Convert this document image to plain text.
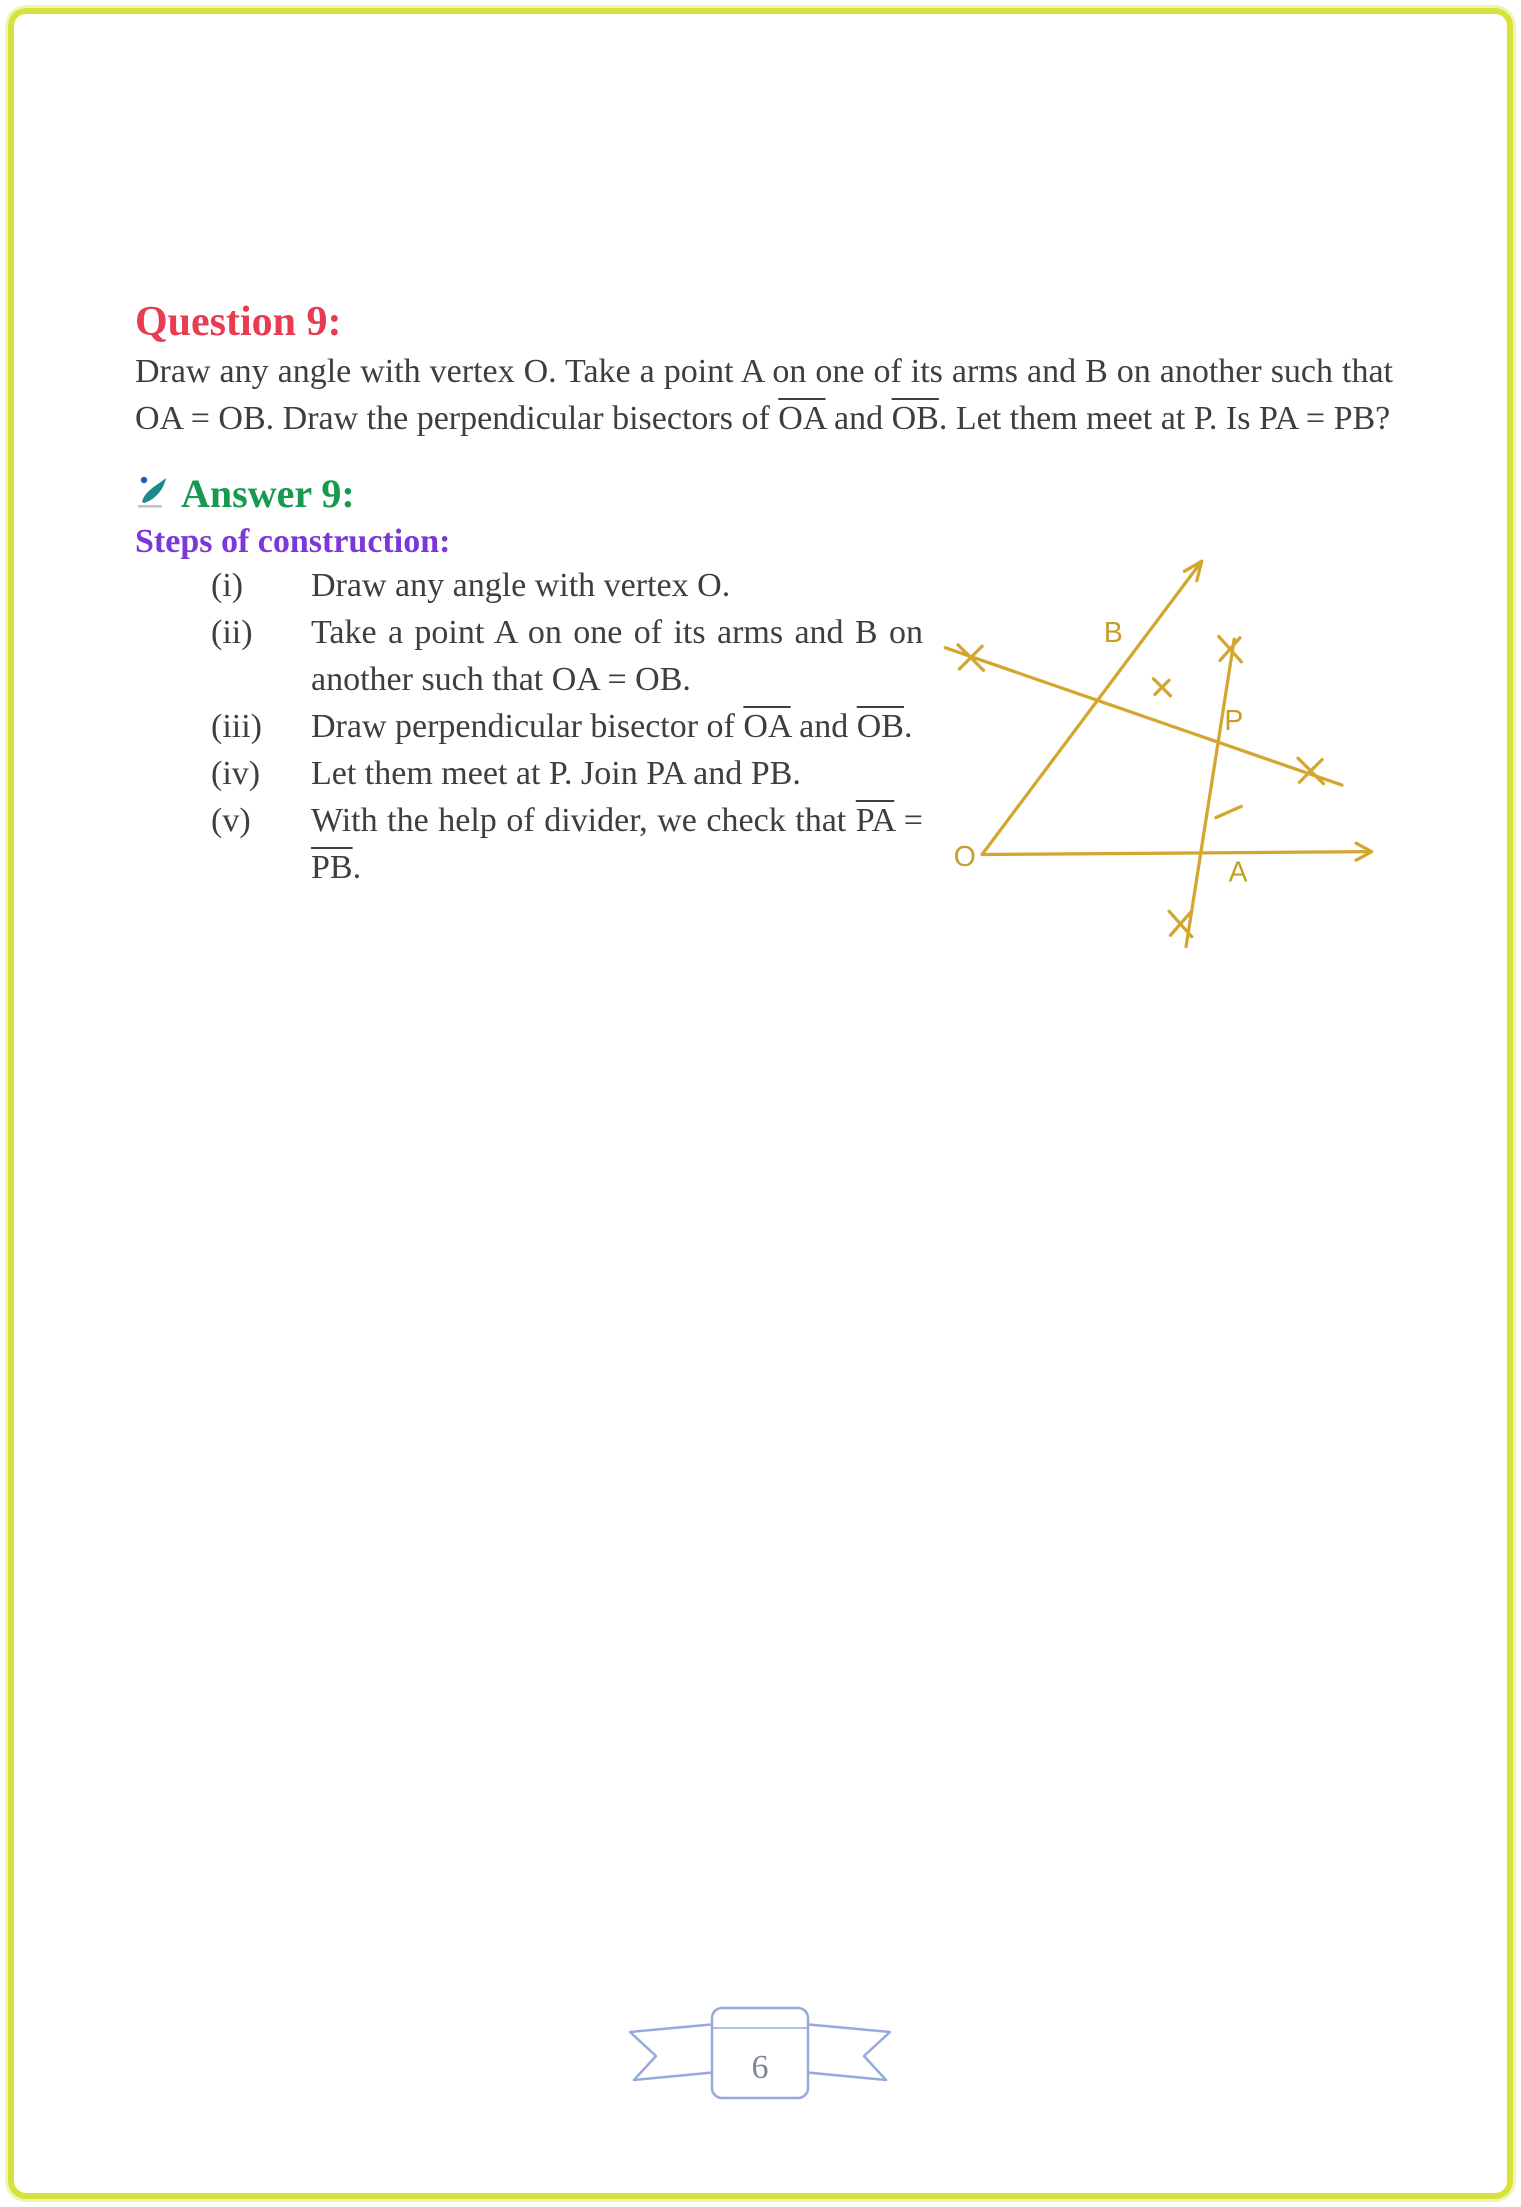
Question 9:

Draw any angle with vertex O. Take a point A on one of its arms and B on another such that OA = OB. Draw the perpendicular bisectors of $\overline{OA}$ and $\overline{OB}$. Let them meet at P. Is PA = PB?

Answer 9:
Steps of construction:
(i)	Draw any angle with vertex O.
(ii)	Take a point A on one of its arms and B on another such that OA = OB.
(iii)	Draw perpendicular bisector of $\overline{OA}$ and $\overline{OB}$.
(iv)	Let them meet at P. Join PA and PB.
(v)	With the help of divider, we check that $\overline{PA} = \overline{PB}$.	O	A
B
P
6
